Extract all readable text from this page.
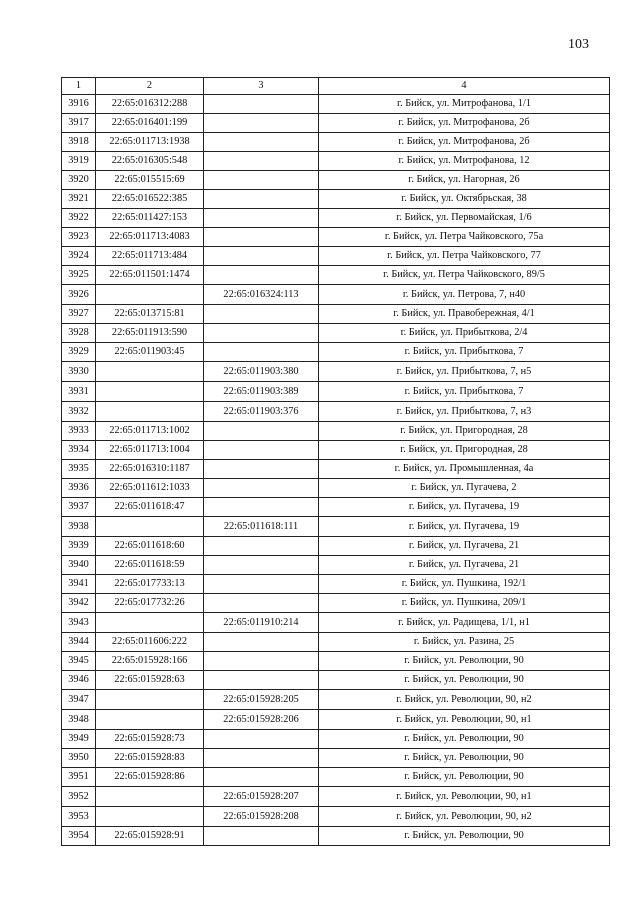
103
1	2	3	4
3916	22:65:016312:288		г. Бийск, ул. Митрофанова, 1/1
3917	22:65:016401:199		г. Бийск, ул. Митрофанова, 2б
3918	22:65:011713:1938		г. Бийск, ул. Митрофанова, 2б
3919	22:65:016305:548		г. Бийск, ул. Митрофанова, 12
3920	22:65:015515:69		г. Бийск, ул. Нагорная, 26
3921	22:65:016522:385		г. Бийск, ул. Октябрьская, 38
3922	22:65:011427:153		г. Бийск, ул. Первомайская, 1/6
3923	22:65:011713:4083		г. Бийск, ул. Петра Чайковского, 75а
3924	22:65:011713:484		г. Бийск, ул. Петра Чайковского, 77
3925	22:65:011501:1474		г. Бийск, ул. Петра Чайковского, 89/5
3926		22:65:016324:113	г. Бийск, ул. Петрова, 7, н40
3927	22:65:013715:81		г. Бийск, ул. Правобережная, 4/1
3928	22:65:011913:590		г. Бийск, ул. Прибыткова, 2/4
3929	22:65:011903:45		г. Бийск, ул. Прибыткова, 7
3930		22:65:011903:380	г. Бийск, ул. Прибыткова, 7, н5
3931		22:65:011903:389	г. Бийск, ул. Прибыткова, 7
3932		22:65:011903:376	г. Бийск, ул. Прибыткова, 7, н3
3933	22:65:011713:1002		г. Бийск, ул. Пригородная, 28
3934	22:65:011713:1004		г. Бийск, ул. Пригородная, 28
3935	22:65:016310:1187		г. Бийск, ул. Промышленная, 4а
3936	22:65:011612:1033		г. Бийск, ул. Пугачева, 2
3937	22:65:011618:47		г. Бийск, ул. Пугачева, 19
3938		22:65:011618:111	г. Бийск, ул. Пугачева, 19
3939	22:65:011618:60		г. Бийск, ул. Пугачева, 21
3940	22:65:011618:59		г. Бийск, ул. Пугачева, 21
3941	22:65:017733:13		г. Бийск, ул. Пушкина, 192/1
3942	22:65:017732:26		г. Бийск, ул. Пушкина, 209/1
3943		22:65:011910:214	г. Бийск, ул. Радищева, 1/1, н1
3944	22:65:011606:222		г. Бийск, ул. Разина, 25
3945	22:65:015928:166		г. Бийск, ул. Революции, 90
3946	22:65:015928:63		г. Бийск, ул. Революции, 90
3947		22:65:015928:205	г. Бийск, ул. Революции, 90, н2
3948		22:65:015928:206	г. Бийск, ул. Революции, 90, н1
3949	22:65:015928:73		г. Бийск, ул. Революции, 90
3950	22:65:015928:83		г. Бийск, ул. Революции, 90
3951	22:65:015928:86		г. Бийск, ул. Революции, 90
3952		22:65:015928:207	г. Бийск, ул. Революции, 90, н1
3953		22:65:015928:208	г. Бийск, ул. Революции, 90, н2
3954	22:65:015928:91		г. Бийск, ул. Революции, 90
